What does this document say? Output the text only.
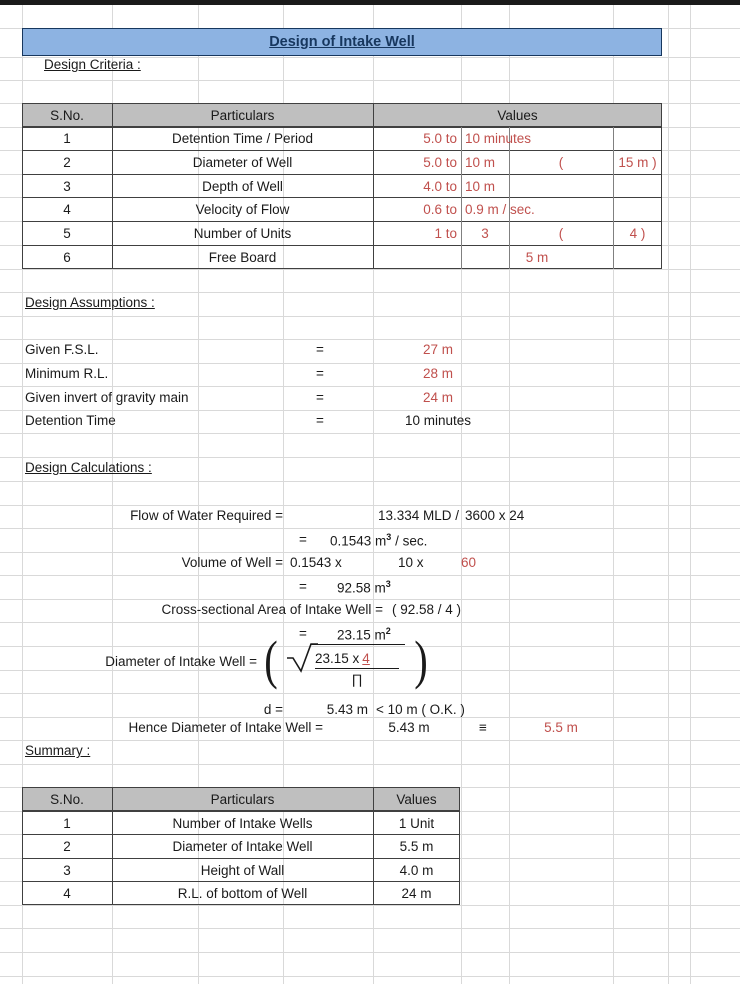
Design of Intake Well
Design Criteria :
S.No.	Particulars	Values
1	Detention Time / Period	5.0 to 10 minutes
2	Diameter of Well	5.0 to 10 m	(	15 m )
3	Depth of Well	4.0 to 10 m
4	Velocity of Flow	0.6 to 0.9 m / sec.
5	Number of Units	1 to	3	(	4 )
6	Free Board	5 m
Design Assumptions :
Given F.S.L.	=	27 m
Minimum R.L.	=	28 m
Given invert of gravity main	=	24 m
Detention Time	=	10 minutes
Design Calculations :
Flow of Water Required =	13.334 MLD / 3600 x 24
=	0.1543 $m^3$ / sec.
Volume of Well = 0.1543 x	10 x	60
=	92.58 $m^3$
Cross-sectional Area of Intake Well = ( 92.58 / 4 )
=	23.15 $m^2$
Diameter of Intake Well = (	)
23.15 x 4
∏
d =	5.43 m < 10 m ( O.K. )
Hence Diameter of Intake Well =	5.43 m	≡	5.5 m
Summary :
S.No.	Particulars	Values
1	Number of Intake Wells	1 Unit
2	Diameter of Intake Well	5.5 m
3	Height of Wall	4.0 m
4	R.L. of bottom of Well	24 m
